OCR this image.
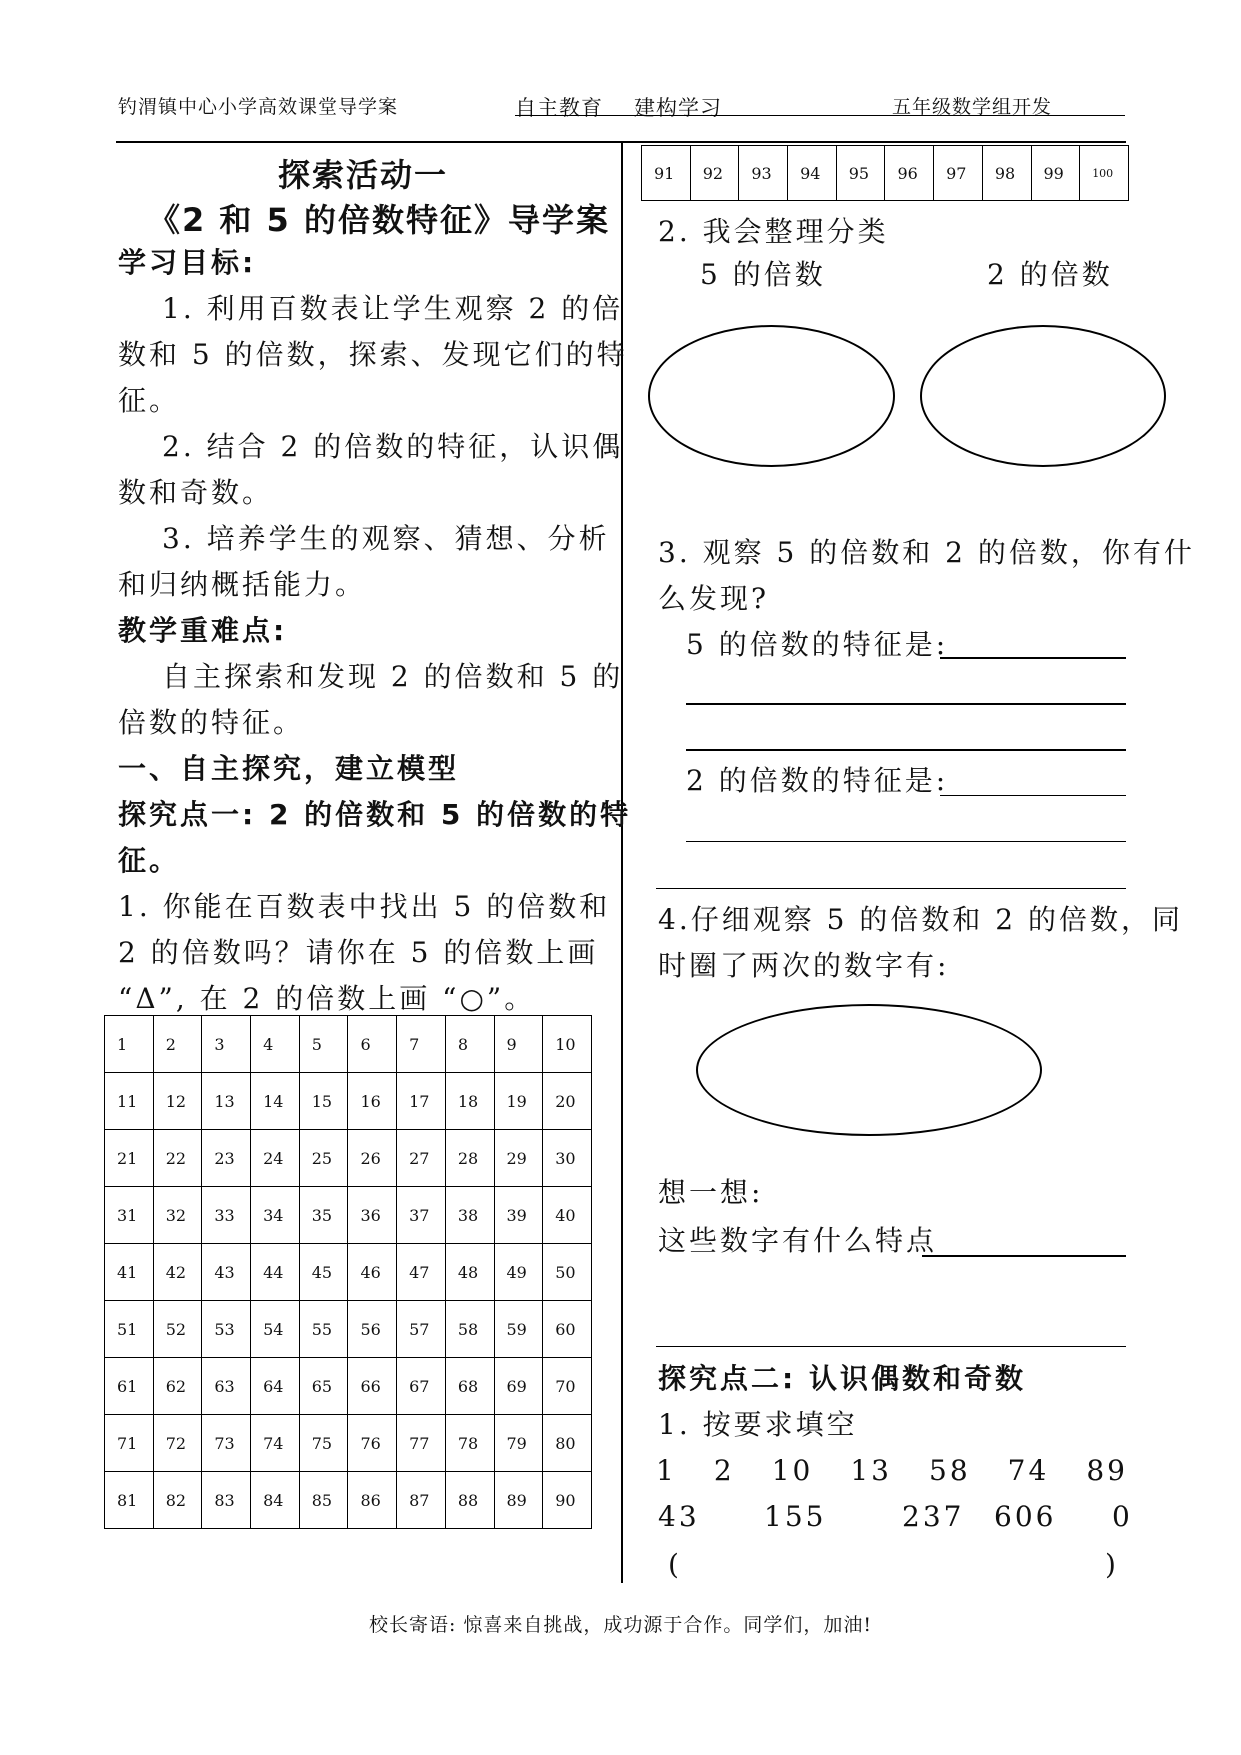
钓渭镇中心小学高效课堂导学案	自主教育 建构学习	五年级数学组开发
探索活动一
《2 和 5 的倍数特征》导学案
学习目标:
1. 利用百数表让学生观察 2 的倍
数和 5 的倍数，探索、发现它们的特
征。
2. 结合 2 的倍数的特征，认识偶
数和奇数。
3. 培养学生的观察、猜想、分析
和归纳概括能力。
教学重难点:
自主探索和发现 2 的倍数和 5 的
倍数的特征。
一、自主探究，建立模型
探究点一: 2 的倍数和 5 的倍数的特
征。
1. 你能在百数表中找出 5 的倍数和
2 的倍数吗？请你在 5 的倍数上画
“Δ”, 在 2 的倍数上画 “○”。
1	2	3	4	5	6	7	8	9	10
11	12	13	14	15	16	17	18	19	20
21	22	23	24	25	26	27	28	29	30
31	32	33	34	35	36	37	38	39	40
41	42	43	44	45	46	47	48	49	50
51	52	53	54	55	56	57	58	59	60
61	62	63	64	65	66	67	68	69	70
71	72	73	74	75	76	77	78	79	80
81	82	83	84	85	86	87	88	89	90
91	92	93	94	95	96	97	98	99	100
2. 我会整理分类
5 的倍数	2 的倍数
3. 观察 5 的倍数和 2 的倍数，你有什
么发现?
5 的倍数的特征是:
2 的倍数的特征是:
4.仔细观察 5 的倍数和 2 的倍数，同
时圈了两次的数字有:
想一想:
这些数字有什么特点
探究点二: 认识偶数和奇数
1. 按要求填空
1 2 10 13 58 74 89
43 155	237 606 0
(	)
校长寄语: 惊喜来自挑战，成功源于合作。同学们，加油!
